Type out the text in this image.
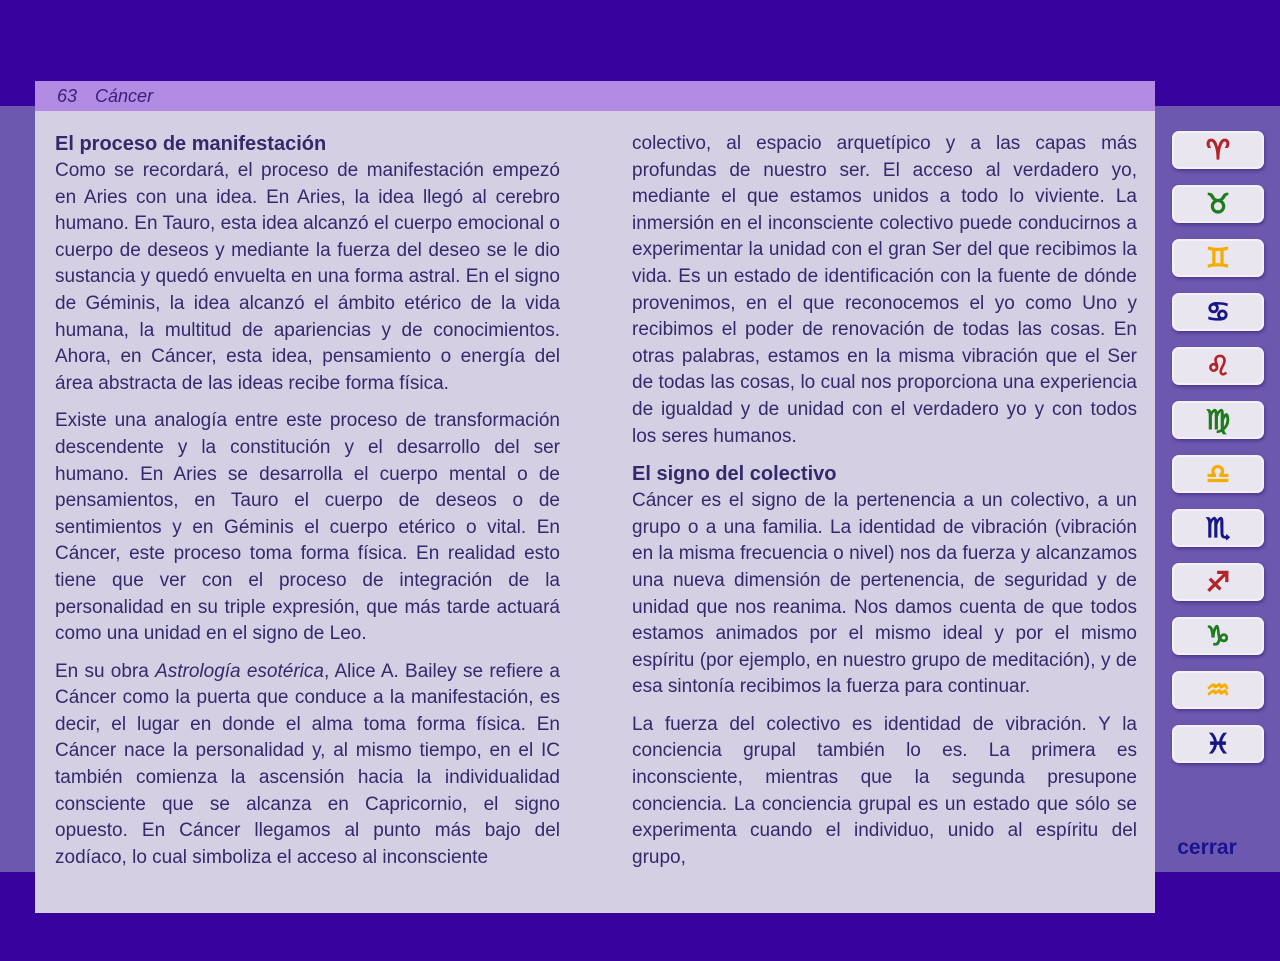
63 Cáncer
El proceso de manifestación

Como se recordará, el proceso de manifestación empezó en Aries con una idea. En Aries, la idea llegó al cerebro humano. En Tauro, esta idea alcanzó el cuerpo emocional o cuerpo de deseos y mediante la fuerza del deseo se le dio sustancia y quedó envuelta en una forma astral. En el signo de Géminis, la idea alcanzó el ámbito etérico de la vida humana, la multitud de apariencias y de conocimientos. Ahora, en Cáncer, esta idea, pensamiento o energía del área abstracta de las ideas recibe forma física.

Existe una analogía entre este proceso de transformación descendente y la constitución y el desarrollo del ser humano. En Aries se desarrolla el cuerpo mental o de pensamientos, en Tauro el cuerpo de deseos o de sentimientos y en Géminis el cuerpo etérico o vital. En Cáncer, este proceso toma forma física. En realidad esto tiene que ver con el proceso de integración de la personalidad en su triple expresión, que más tarde actuará como una unidad en el signo de Leo.

En su obra Astrología esotérica, Alice A. Bailey se refiere a Cáncer como la puerta que conduce a la manifestación, es decir, el lugar en donde el alma toma forma física. En Cáncer nace la personalidad y, al mismo tiempo, en el IC también comienza la ascensión hacia la individualidad consciente que se alcanza en Capricornio, el signo opuesto. En Cáncer llegamos al punto más bajo del zodíaco, lo cual simboliza el acceso al inconsciente

colectivo, al espacio arquetípico y a las capas más profundas de nuestro ser. El acceso al verdadero yo, mediante el que estamos unidos a todo lo viviente. La inmersión en el inconsciente colectivo puede conducirnos a experimentar la unidad con el gran Ser del que recibimos la vida. Es un estado de identificación con la fuente de dónde provenimos, en el que reconocemos el yo como Uno y recibimos el poder de renovación de todas las cosas. En otras palabras, estamos en la misma vibración que el Ser de todas las cosas, lo cual nos proporciona una experiencia de igualdad y de unidad con el verdadero yo y con todos los seres humanos.

El signo del colectivo

Cáncer es el signo de la pertenencia a un colectivo, a un grupo o a una familia. La identidad de vibración (vibración en la misma frecuencia o nivel) nos da fuerza y alcanzamos una nueva dimensión de pertenencia, de seguridad y de unidad que nos reanima. Nos damos cuenta de que todos estamos animados por el mismo ideal y por el mismo espíritu (por ejemplo, en nuestro grupo de meditación), y de esa sintonía recibimos la fuerza para continuar.

La fuerza del colectivo es identidad de vibración. Y la conciencia grupal también lo es. La primera es inconsciente, mientras que la segunda presupone conciencia. La conciencia grupal es un estado que sólo se experimenta cuando el individuo, unido al espíritu del grupo,

♈
♉
♊
♋
♌
♍
♎
♏
♐
♑
♒
♓
cerrar
